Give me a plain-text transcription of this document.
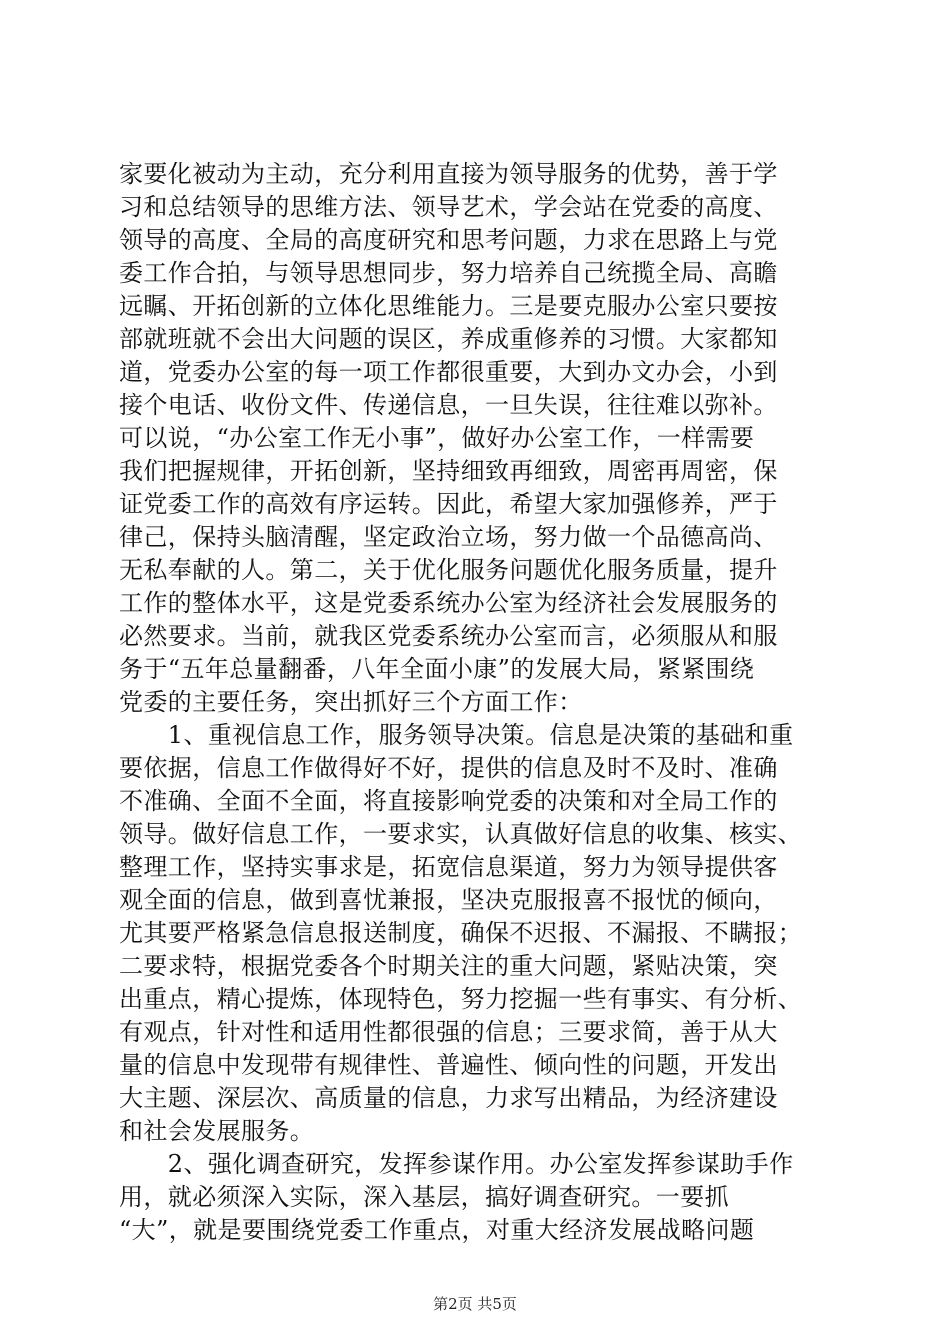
家要化被动为主动，充分利用直接为领导服务的优势，善于学
习和总结领导的思维方法、领导艺术，学会站在党委的高度、
领导的高度、全局的高度研究和思考问题，力求在思路上与党
委工作合拍，与领导思想同步，努力培养自己统揽全局、高瞻
远瞩、开拓创新的立体化思维能力。三是要克服办公室只要按
部就班就不会出大问题的误区，养成重修养的习惯。大家都知
道，党委办公室的每一项工作都很重要，大到办文办会，小到
接个电话、收份文件、传递信息，一旦失误，往往难以弥补。
可以说，“办公室工作无小事”，做好办公室工作，一样需要
我们把握规律，开拓创新，坚持细致再细致，周密再周密，保
证党委工作的高效有序运转。因此，希望大家加强修养，严于
律己，保持头脑清醒，坚定政治立场，努力做一个品德高尚、
无私奉献的人。第二，关于优化服务问题优化服务质量，提升
工作的整体水平，这是党委系统办公室为经济社会发展服务的
必然要求。当前，就我区党委系统办公室而言，必须服从和服
务于“五年总量翻番，八年全面小康”的发展大局，紧紧围绕
党委的主要任务，突出抓好三个方面工作：
　　1、重视信息工作，服务领导决策。信息是决策的基础和重
要依据，信息工作做得好不好，提供的信息及时不及时、准确
不准确、全面不全面，将直接影响党委的决策和对全局工作的
领导。做好信息工作，一要求实，认真做好信息的收集、核实、
整理工作，坚持实事求是，拓宽信息渠道，努力为领导提供客
观全面的信息，做到喜忧兼报，坚决克服报喜不报忧的倾向，
尤其要严格紧急信息报送制度，确保不迟报、不漏报、不瞒报；
二要求特，根据党委各个时期关注的重大问题，紧贴决策，突
出重点，精心提炼，体现特色，努力挖掘一些有事实、有分析、
有观点，针对性和适用性都很强的信息；三要求简，善于从大
量的信息中发现带有规律性、普遍性、倾向性的问题，开发出
大主题、深层次、高质量的信息，力求写出精品，为经济建设
和社会发展服务。
　　2、强化调查研究，发挥参谋作用。办公室发挥参谋助手作
用，就必须深入实际，深入基层，搞好调查研究。一要抓
“大”，就是要围绕党委工作重点，对重大经济发展战略问题
第2页 共5页
